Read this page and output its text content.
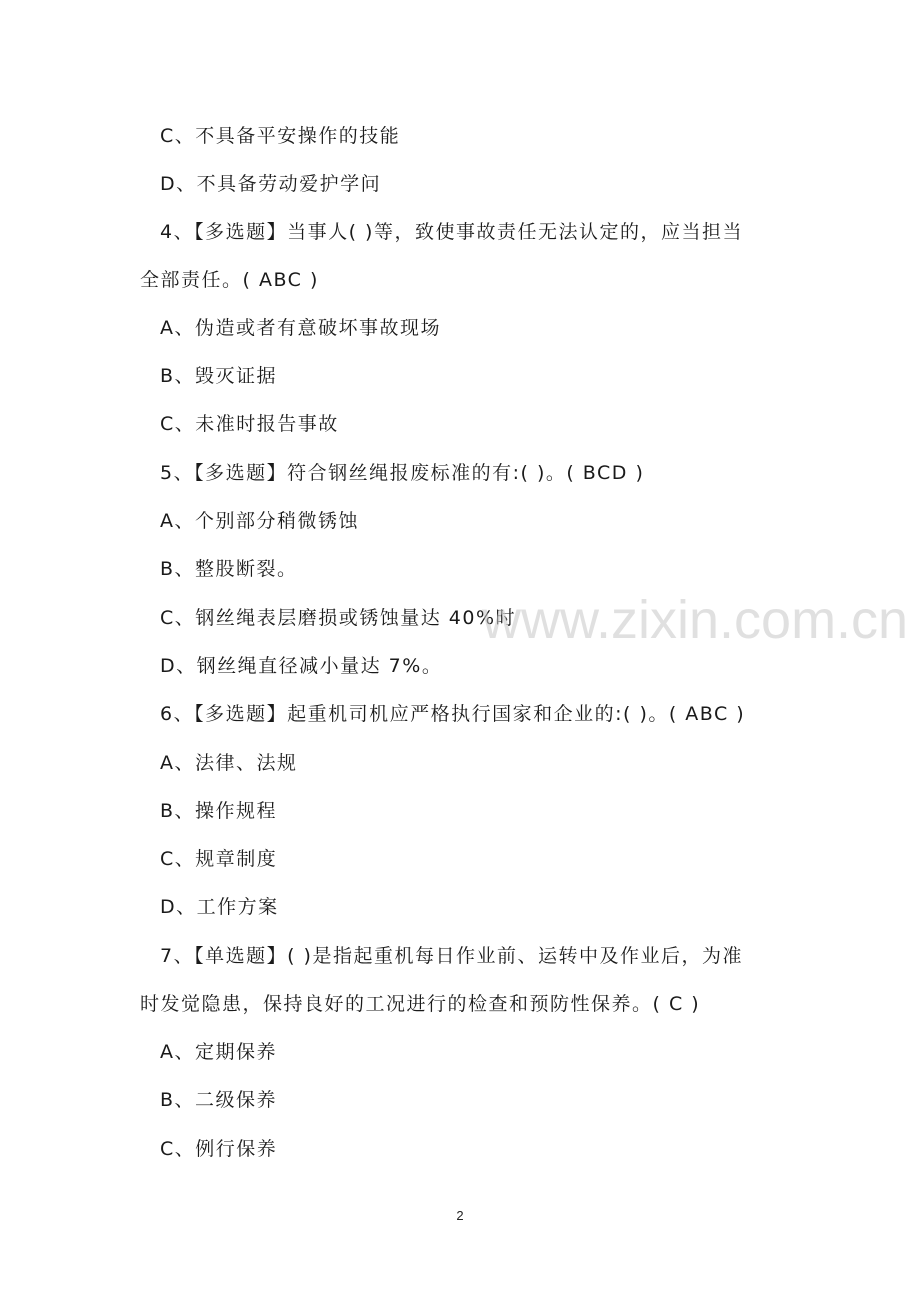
C、不具备平安操作的技能
D、不具备劳动爱护学问
4、【多选题】当事人( )等，致使事故责任无法认定的，应当担当
全部责任。( ABC )
A、伪造或者有意破坏事故现场
B、毁灭证据
C、未准时报告事故
5、【多选题】符合钢丝绳报废标准的有:( )。( BCD )
A、个别部分稍微锈蚀
B、整股断裂。
C、钢丝绳表层磨损或锈蚀量达 40%时
D、钢丝绳直径减小量达 7%。
6、【多选题】起重机司机应严格执行国家和企业的:( )。( ABC )
A、法律、法规
B、操作规程
C、规章制度
D、工作方案
7、【单选题】( )是指起重机每日作业前、运转中及作业后，为准
时发觉隐患，保持良好的工况进行的检查和预防性保养。( C )
A、定期保养
B、二级保养
C、例行保养
www.zixin.com.cn
2
